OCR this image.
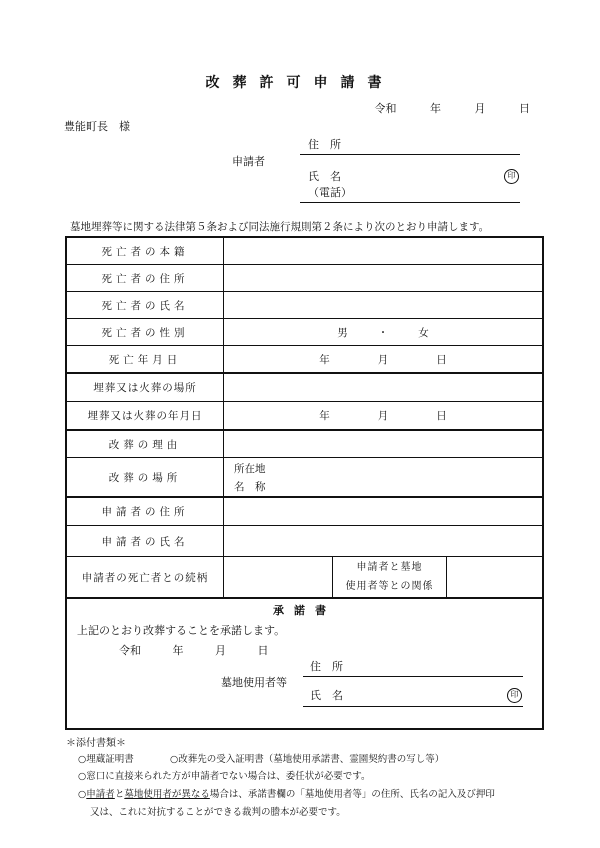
改葬許可申請書
令和	年	月	日
豊能町長　様
申請者
住　所
氏　名	印
（電話）
墓地埋葬等に関する法律第５条および同法施行規則第２条により次のとおり申請します。
死亡者の本籍
死亡者の住所
死亡者の氏名
死亡者の性別	男	・	女
死亡年月日	年	月	日
埋葬又は火葬の場所
埋葬又は火葬の年月日	年	月	日
改葬の理由
改葬の場所
所在地
名　称
申請者の住所
申請者の氏名
申請者の死亡者との続柄
申請者と墓地
使用者等との関係
承諾書
上記のとおり改葬することを承諾します。
令和	年	月	日
墓地使用者等
住　所
氏　名	印
＊添付書類＊
○埋蔵証明書	○改葬先の受入証明書（墓地使用承諾書、霊園契約書の写し等）
○窓口に直接来られた方が申請者でない場合は、委任状が必要です。
○申請者と墓地使用者が異なる場合は、承諾書欄の「墓地使用者等」の住所、氏名の記入及び押印
又は、これに対抗することができる裁判の謄本が必要です。
